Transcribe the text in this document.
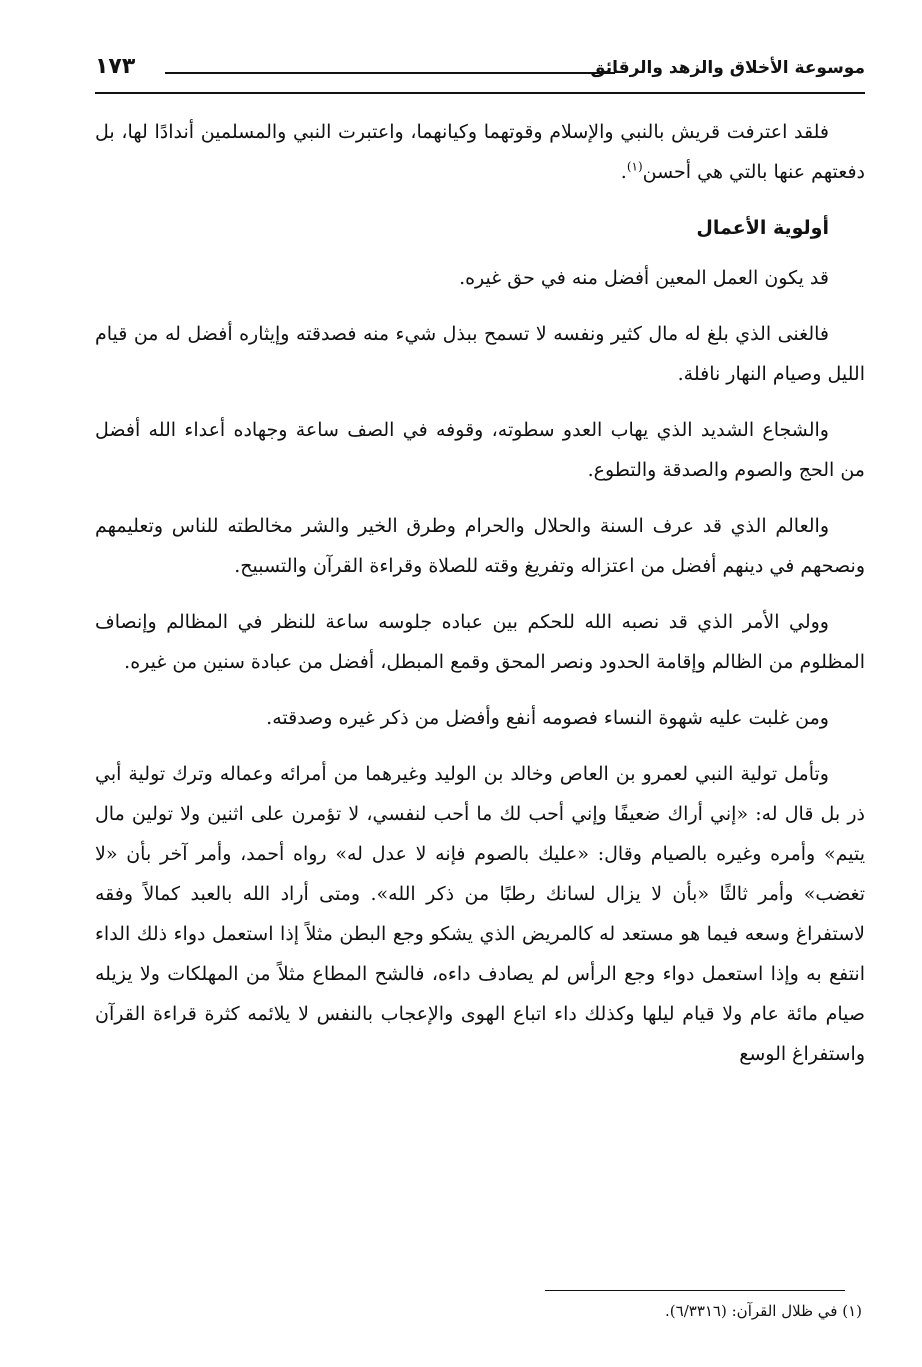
موسوعة الأخلاق والزهد والرقائق
١٧٣

فلقد اعترفت قريش بالنبي والإسلام وقوتهما وكيانهما، واعتبرت النبي والمسلمين أندادًا لها، بل دفعتهم عنها بالتي هي أحسن$^{(١)}$.

أولوية الأعمال

قد يكون العمل المعين أفضل منه في حق غيره.

فالغنى الذي بلغ له مال كثير ونفسه لا تسمح ببذل شيء منه فصدقته وإيثاره أفضل له من قيام الليل وصيام النهار نافلة.

والشجاع الشديد الذي يهاب العدو سطوته، وقوفه في الصف ساعة وجهاده أعداء الله أفضل من الحج والصوم والصدقة والتطوع.

والعالم الذي قد عرف السنة والحلال والحرام وطرق الخير والشر مخالطته للناس وتعليمهم ونصحهم في دينهم أفضل من اعتزاله وتفريغ وقته للصلاة وقراءة القرآن والتسبيح.

وولي الأمر الذي قد نصبه الله للحكم بين عباده جلوسه ساعة للنظر في المظالم وإنصاف المظلوم من الظالم وإقامة الحدود ونصر المحق وقمع المبطل، أفضل من عبادة سنين من غيره.

ومن غلبت عليه شهوة النساء فصومه أنفع وأفضل من ذكر غيره وصدقته.

وتأمل تولية النبي لعمرو بن العاص وخالد بن الوليد وغيرهما من أمرائه وعماله وترك تولية أبي ذر بل قال له: «إني أراك ضعيفًا وإني أحب لك ما أحب لنفسي، لا تؤمرن على اثنين ولا تولين مال يتيم» وأمره وغيره بالصيام وقال: «عليك بالصوم فإنه لا عدل له» رواه أحمد، وأمر آخر بأن «لا تغضب» وأمر ثالثًا «بأن لا يزال لسانك رطبًا من ذكر الله». ومتى أراد الله بالعبد كمالاً وفقه لاستفراغ وسعه فيما هو مستعد له كالمريض الذي يشكو وجع البطن مثلاً إذا استعمل دواء ذلك الداء انتفع به وإذا استعمل دواء وجع الرأس لم يصادف داءه، فالشح المطاع مثلاً من المهلكات ولا يزيله صيام مائة عام ولا قيام ليلها وكذلك داء اتباع الهوى والإعجاب بالنفس لا يلائمه كثرة قراءة القرآن واستفراغ الوسع

(١) في ظلال القرآن: (٦/٣٣١٦).
